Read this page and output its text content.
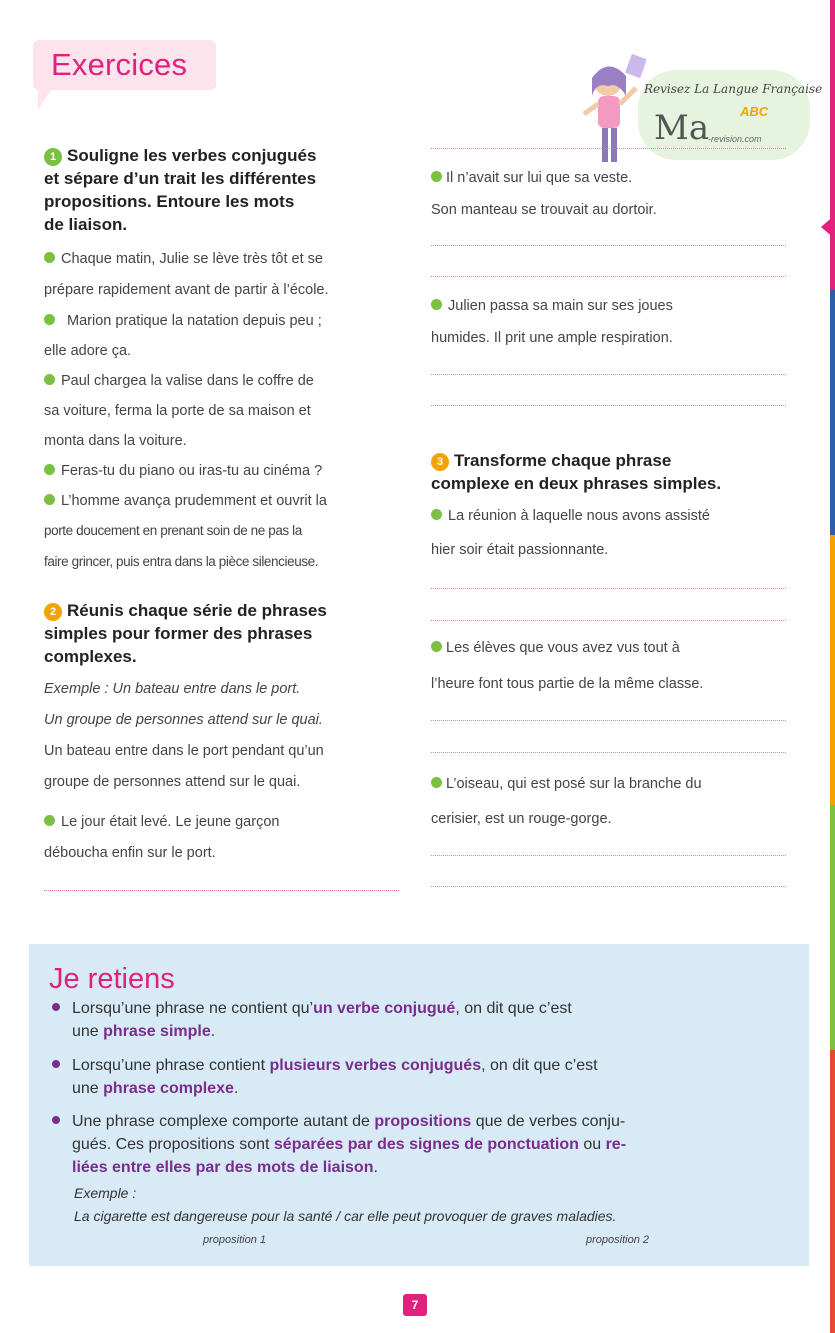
Exercices
Revisez La Langue Française
Ma ABC
-revision.com
1 Souligne les verbes conjugués
et sépare d’un trait les différentes
propositions. Entoure les mots
de liaison.
Chaque matin, Julie se lève très tôt et se
prépare rapidement avant de partir à l’école.
Marion pratique la natation depuis peu ;
elle adore ça.
Paul chargea la valise dans le coffre de
sa voiture, ferma la porte de sa maison et
monta dans la voiture.
Feras-tu du piano ou iras-tu au cinéma ?
L’homme avança prudemment et ouvrit la
porte doucement en prenant soin de ne pas la
faire grincer, puis entra dans la pièce silencieuse.
2 Réunis chaque série de phrases
simples pour former des phrases
complexes.
Exemple : Un bateau entre dans le port.
Un groupe de personnes attend sur le quai.
Un bateau entre dans le port pendant qu’un
groupe de personnes attend sur le quai.
Le jour était levé. Le jeune garçon
déboucha enfin sur le port.
Il n’avait sur lui que sa veste.
Son manteau se trouvait au dortoir.
Julien passa sa main sur ses joues
humides. Il prit une ample respiration.
3 Transforme chaque phrase
complexe en deux phrases simples.
La réunion à laquelle nous avons assisté
hier soir était passionnante.
Les élèves que vous avez vus tout à
l’heure font tous partie de la même classe.
L’oiseau, qui est posé sur la branche du
cerisier, est un rouge-gorge.
Je retiens
Lorsqu’une phrase ne contient qu’un verbe conjugué, on dit que c’est
une phrase simple.
Lorsqu’une phrase contient plusieurs verbes conjugués, on dit que c’est
une phrase complexe.
Une phrase complexe comporte autant de propositions que de verbes conju-
gués. Ces propositions sont séparées par des signes de ponctuation ou re-
liées entre elles par des mots de liaison.
Exemple :
La cigarette est dangereuse pour la santé / car elle peut provoquer de graves maladies.
proposition 1	proposition 2
7
